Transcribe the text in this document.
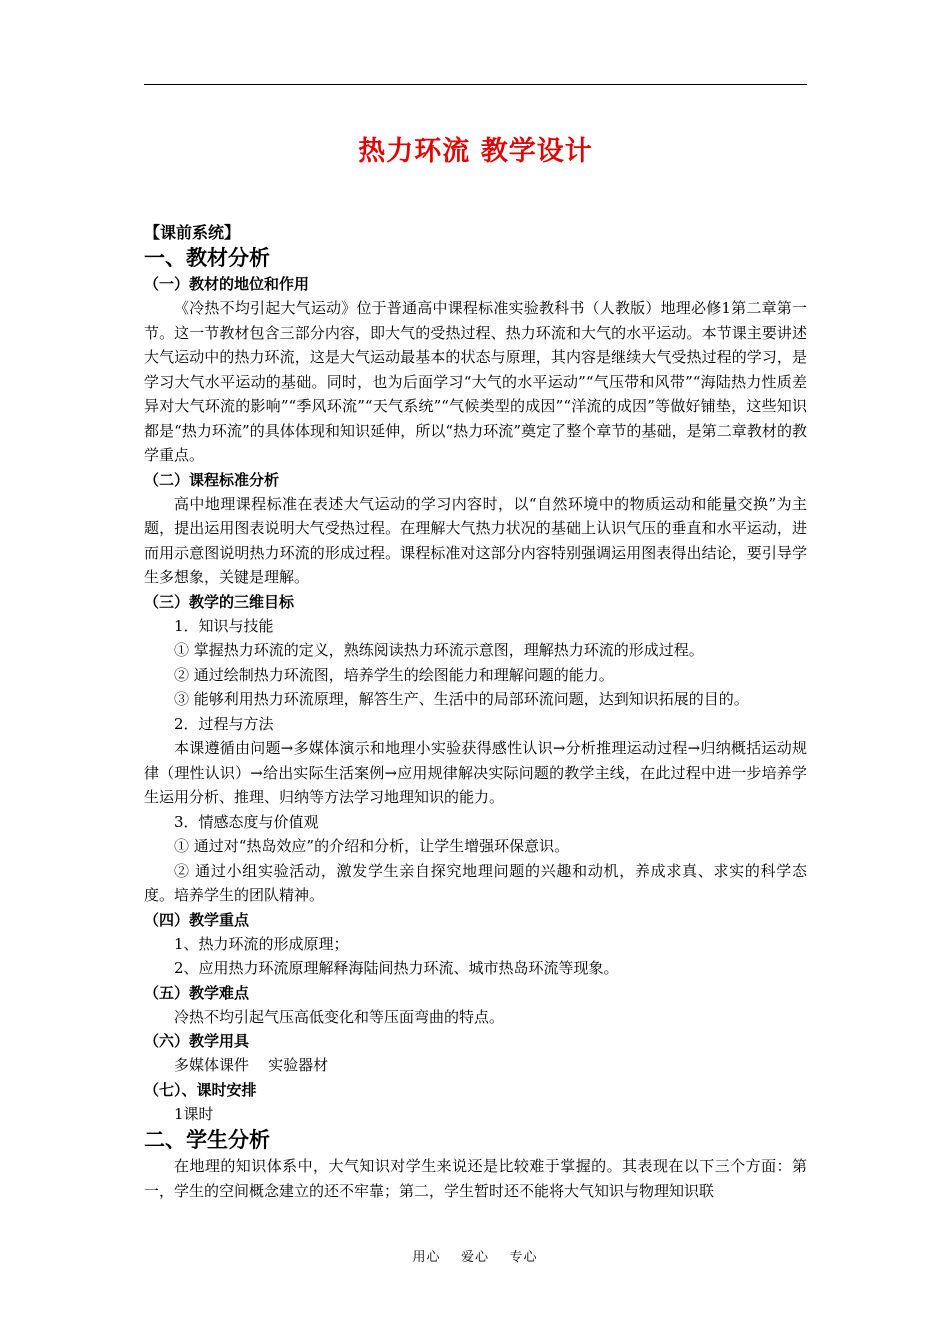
热力环流 教学设计
【课前系统】
一、教材分析
（一）教材的地位和作用

《冷热不均引起大气运动》位于普通高中课程标准实验教科书（人教版）地理必修1第二章第一节。这一节教材包含三部分内容，即大气的受热过程、热力环流和大气的水平运动。本节课主要讲述大气运动中的热力环流，这是大气运动最基本的状态与原理，其内容是继续大气受热过程的学习，是学习大气水平运动的基础。同时，也为后面学习“大气的水平运动”“气压带和风带”“海陆热力性质差异对大气环流的影响”“季风环流”“天气系统”“气候类型的成因”“洋流的成因”等做好铺垫，这些知识都是“热力环流”的具体体现和知识延伸，所以“热力环流”奠定了整个章节的基础，是第二章教材的教学重点。

（二）课程标准分析

高中地理课程标准在表述大气运动的学习内容时，以“自然环境中的物质运动和能量交换”为主题，提出运用图表说明大气受热过程。在理解大气热力状况的基础上认识气压的垂直和水平运动，进而用示意图说明热力环流的形成过程。课程标准对这部分内容特别强调运用图表得出结论，要引导学生多想象，关键是理解。

（三）教学的三维目标

1．知识与技能

① 掌握热力环流的定义，熟练阅读热力环流示意图，理解热力环流的形成过程。

② 通过绘制热力环流图，培养学生的绘图能力和理解问题的能力。

③ 能够利用热力环流原理，解答生产、生活中的局部环流问题，达到知识拓展的目的。

2．过程与方法

本课遵循由问题→多媒体演示和地理小实验获得感性认识→分析推理运动过程→归纳概括运动规律（理性认识）→给出实际生活案例→应用规律解决实际问题的教学主线，在此过程中进一步培养学生运用分析、推理、归纳等方法学习地理知识的能力。

3．情感态度与价值观

① 通过对“热岛效应”的介绍和分析，让学生增强环保意识。

② 通过小组实验活动，激发学生亲自探究地理问题的兴趣和动机，养成求真、求实的科学态度。培养学生的团队精神。

（四）教学重点

1、热力环流的形成原理；

2、应用热力环流原理解释海陆间热力环流、城市热岛环流等现象。

（五）教学难点

冷热不均引起气压高低变化和等压面弯曲的特点。

（六）教学用具

多媒体课件    实验器材

（七）、课时安排

1课时

二、学生分析

在地理的知识体系中，大气知识对学生来说还是比较难于掌握的。其表现在以下三个方面：第一，学生的空间概念建立的还不牢靠；第二，学生暂时还不能将大气知识与物理知识联

用心    爱心    专心
